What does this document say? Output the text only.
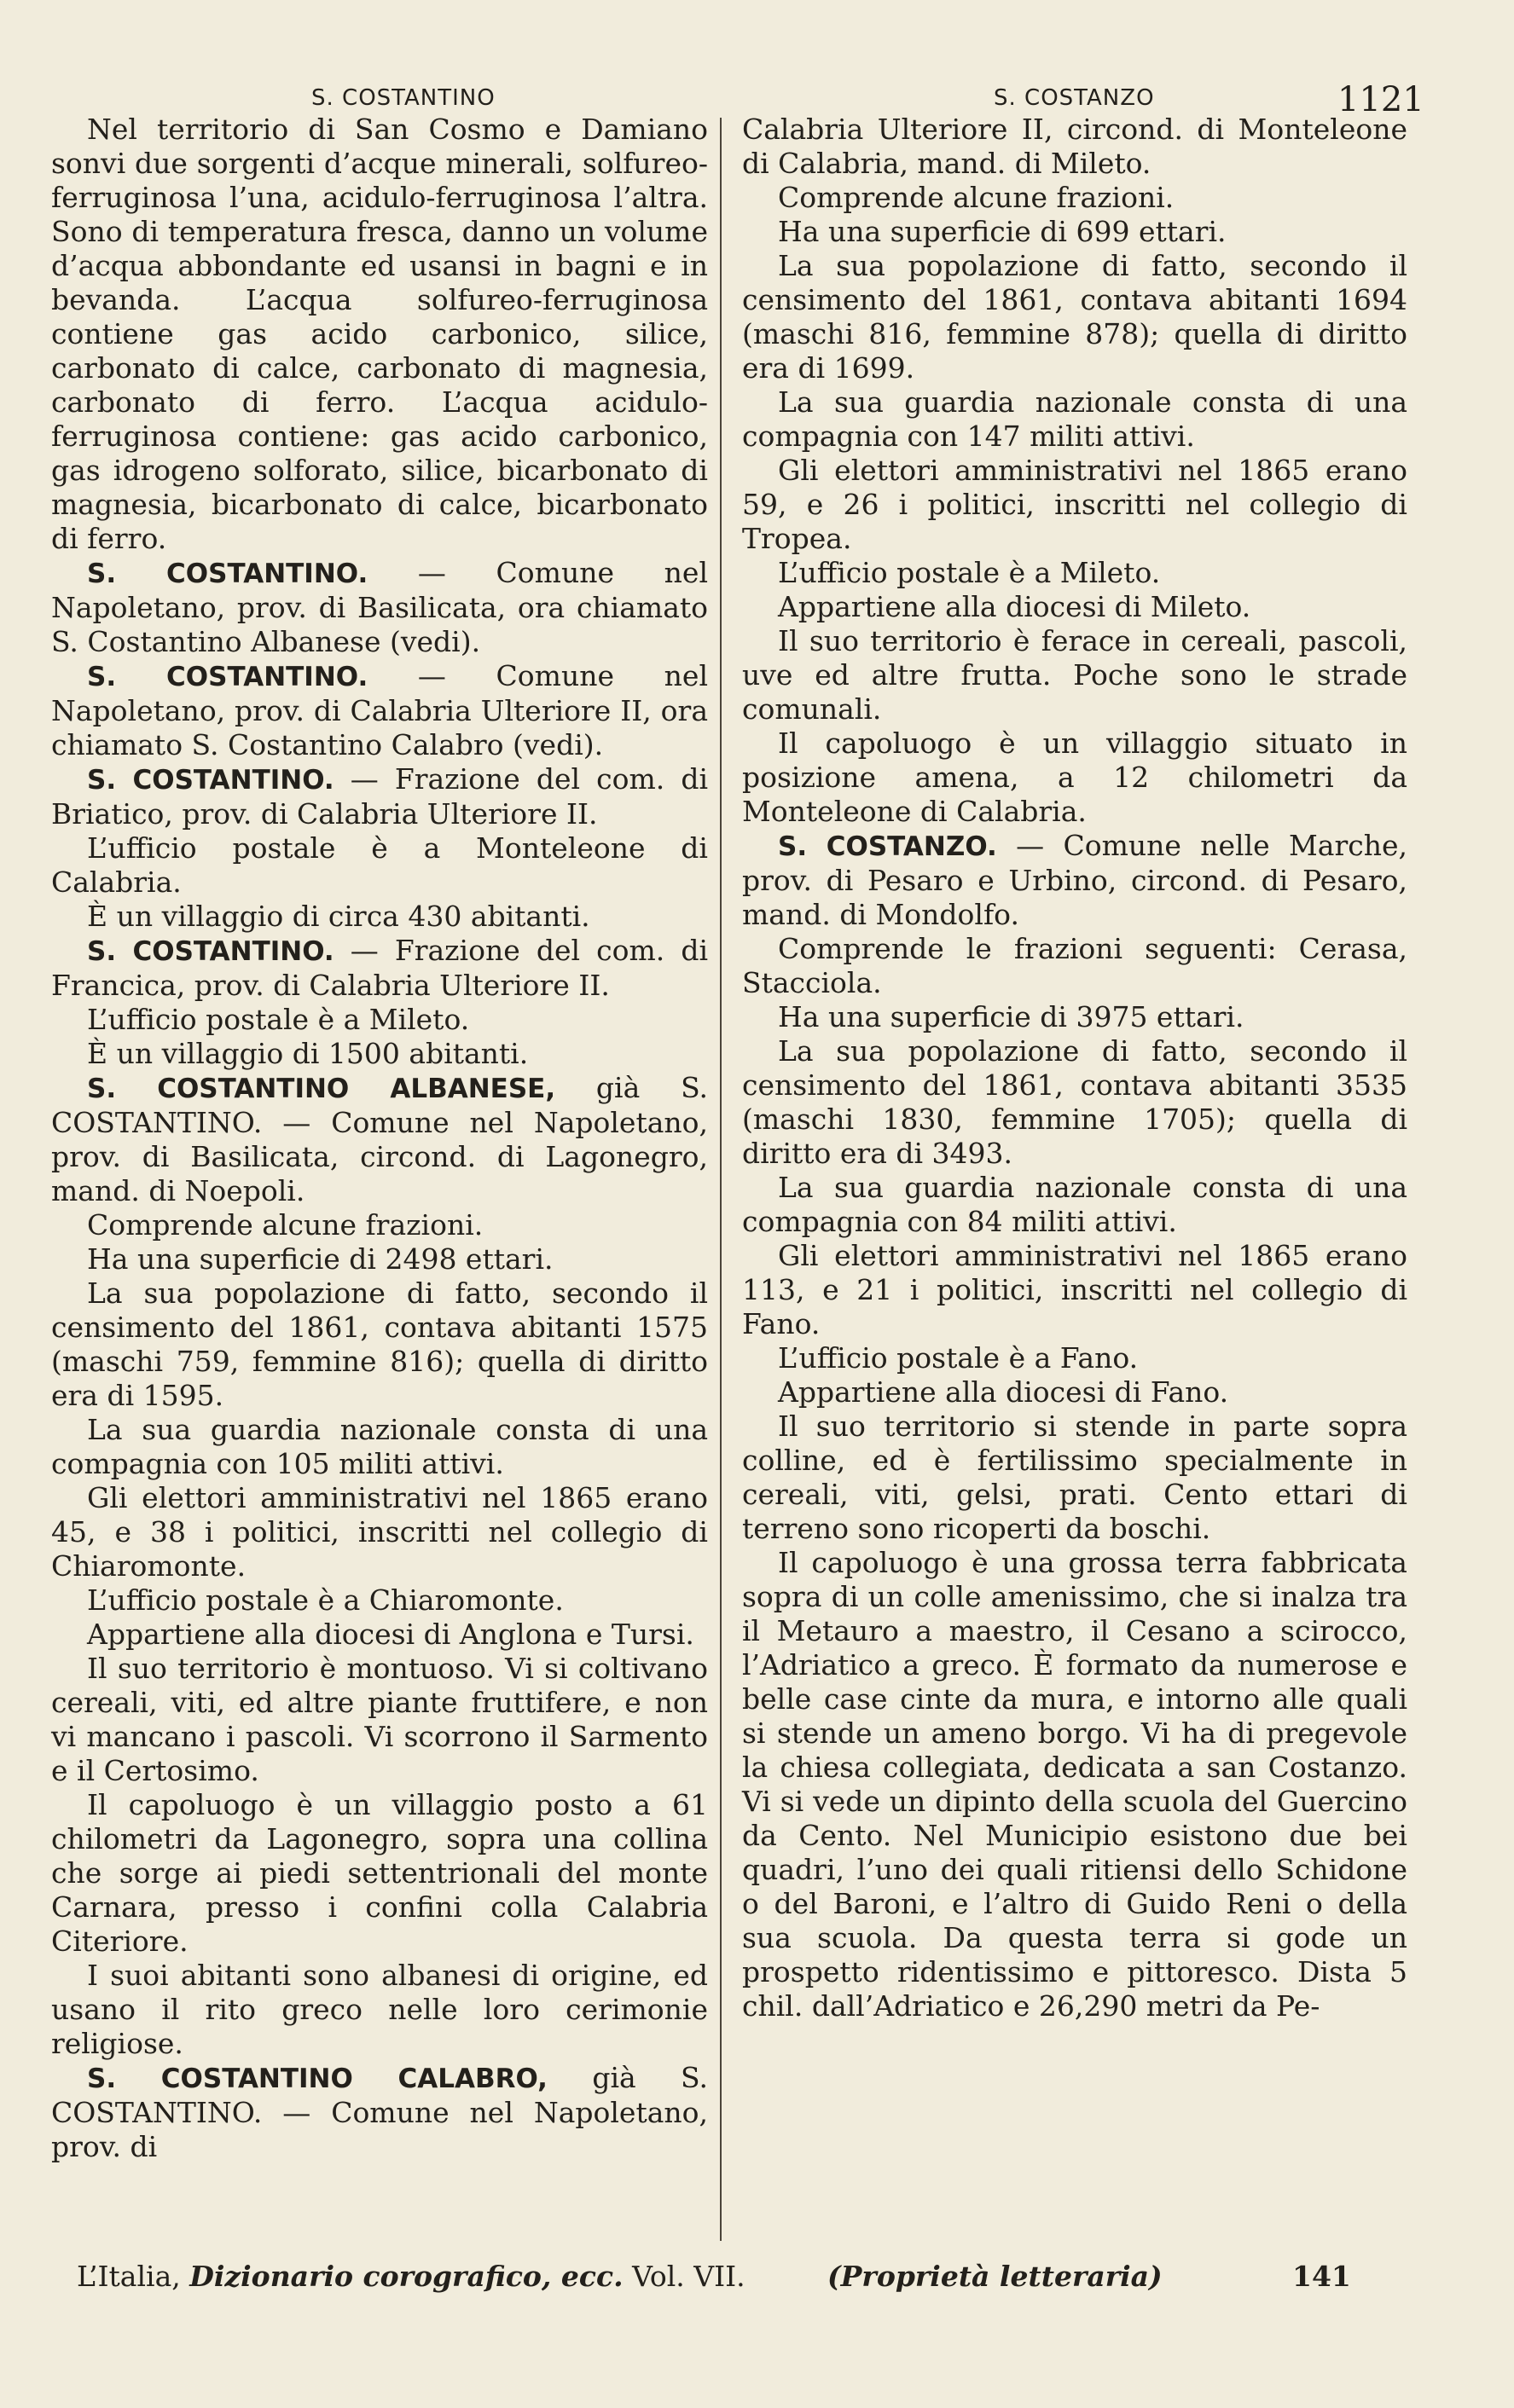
S. COSTANTINO	S. COSTANZO	1121

Nel territorio di San Cosmo e Damiano sonvi due sorgenti d’acque minerali, solfureo-ferruginosa l’una, acidulo-ferruginosa l’altra. Sono di temperatura fresca, danno un volume d’acqua abbondante ed usansi in bagni e in bevanda. L’acqua solfureo-ferruginosa contiene gas acido carbonico, silice, carbonato di calce, carbonato di magnesia, carbonato di ferro. L’acqua acidulo-ferruginosa contiene: gas acido carbonico, gas idrogeno solforato, silice, bicarbonato di magnesia, bicarbonato di calce, bicarbonato di ferro.

S. COSTANTINO. — Comune nel Napoletano, prov. di Basilicata, ora chiamato S. Costantino Albanese (vedi).

S. COSTANTINO. — Comune nel Napoletano, prov. di Calabria Ulteriore II, ora chiamato S. Costantino Calabro (vedi).

S. COSTANTINO. — Frazione del com. di Briatico, prov. di Calabria Ulteriore II.

L’ufficio postale è a Monteleone di Calabria.

È un villaggio di circa 430 abitanti.

S. COSTANTINO. — Frazione del com. di Francica, prov. di Calabria Ulteriore II.

L’ufficio postale è a Mileto.

È un villaggio di 1500 abitanti.

S. COSTANTINO ALBANESE, già S. COSTANTINO. — Comune nel Napoletano, prov. di Basilicata, circond. di Lagonegro, mand. di Noepoli.

Comprende alcune frazioni.

Ha una superficie di 2498 ettari.

La sua popolazione di fatto, secondo il censimento del 1861, contava abitanti 1575 (maschi 759, femmine 816); quella di diritto era di 1595.

La sua guardia nazionale consta di una compagnia con 105 militi attivi.

Gli elettori amministrativi nel 1865 erano 45, e 38 i politici, inscritti nel collegio di Chiaromonte.

L’ufficio postale è a Chiaromonte.

Appartiene alla diocesi di Anglona e Tursi.

Il suo territorio è montuoso. Vi si coltivano cereali, viti, ed altre piante fruttifere, e non vi mancano i pascoli. Vi scorrono il Sarmento e il Certosimo.

Il capoluogo è un villaggio posto a 61 chilometri da Lagonegro, sopra una collina che sorge ai piedi settentrionali del monte Carnara, presso i confini colla Calabria Citeriore.

I suoi abitanti sono albanesi di origine, ed usano il rito greco nelle loro cerimonie religiose.

S. COSTANTINO CALABRO, già S. COSTANTINO. — Comune nel Napoletano, prov. di

Calabria Ulteriore II, circond. di Monteleone di Calabria, mand. di Mileto.

Comprende alcune frazioni.

Ha una superficie di 699 ettari.

La sua popolazione di fatto, secondo il censimento del 1861, contava abitanti 1694 (maschi 816, femmine 878); quella di diritto era di 1699.

La sua guardia nazionale consta di una compagnia con 147 militi attivi.

Gli elettori amministrativi nel 1865 erano 59, e 26 i politici, inscritti nel collegio di Tropea.

L’ufficio postale è a Mileto.

Appartiene alla diocesi di Mileto.

Il suo territorio è ferace in cereali, pascoli, uve ed altre frutta. Poche sono le strade comunali.

Il capoluogo è un villaggio situato in posizione amena, a 12 chilometri da Monteleone di Calabria.

S. COSTANZO. — Comune nelle Marche, prov. di Pesaro e Urbino, circond. di Pesaro, mand. di Mondolfo.

Comprende le frazioni seguenti: Cerasa, Stacciola.

Ha una superficie di 3975 ettari.

La sua popolazione di fatto, secondo il censimento del 1861, contava abitanti 3535 (maschi 1830, femmine 1705); quella di diritto era di 3493.

La sua guardia nazionale consta di una compagnia con 84 militi attivi.

Gli elettori amministrativi nel 1865 erano 113, e 21 i politici, inscritti nel collegio di Fano.

L’ufficio postale è a Fano.

Appartiene alla diocesi di Fano.

Il suo territorio si stende in parte sopra colline, ed è fertilissimo specialmente in cereali, viti, gelsi, prati. Cento ettari di terreno sono ricoperti da boschi.

Il capoluogo è una grossa terra fabbricata sopra di un colle amenissimo, che si inalza tra il Metauro a maestro, il Cesano a scirocco, l’Adriatico a greco. È formato da numerose e belle case cinte da mura, e intorno alle quali si stende un ameno borgo. Vi ha di pregevole la chiesa collegiata, dedicata a san Costanzo. Vi si vede un dipinto della scuola del Guercino da Cento. Nel Municipio esistono due bei quadri, l’uno dei quali ritiensi dello Schidone o del Baroni, e l’altro di Guido Reni o della sua scuola. Da questa terra si gode un prospetto ridentissimo e pittoresco. Dista 5 chil. dall’Adriatico e 26,290 metri da Pe-

L’Italia, Dizionario corografico, ecc. Vol. VII.	(Proprietà letteraria)	141
